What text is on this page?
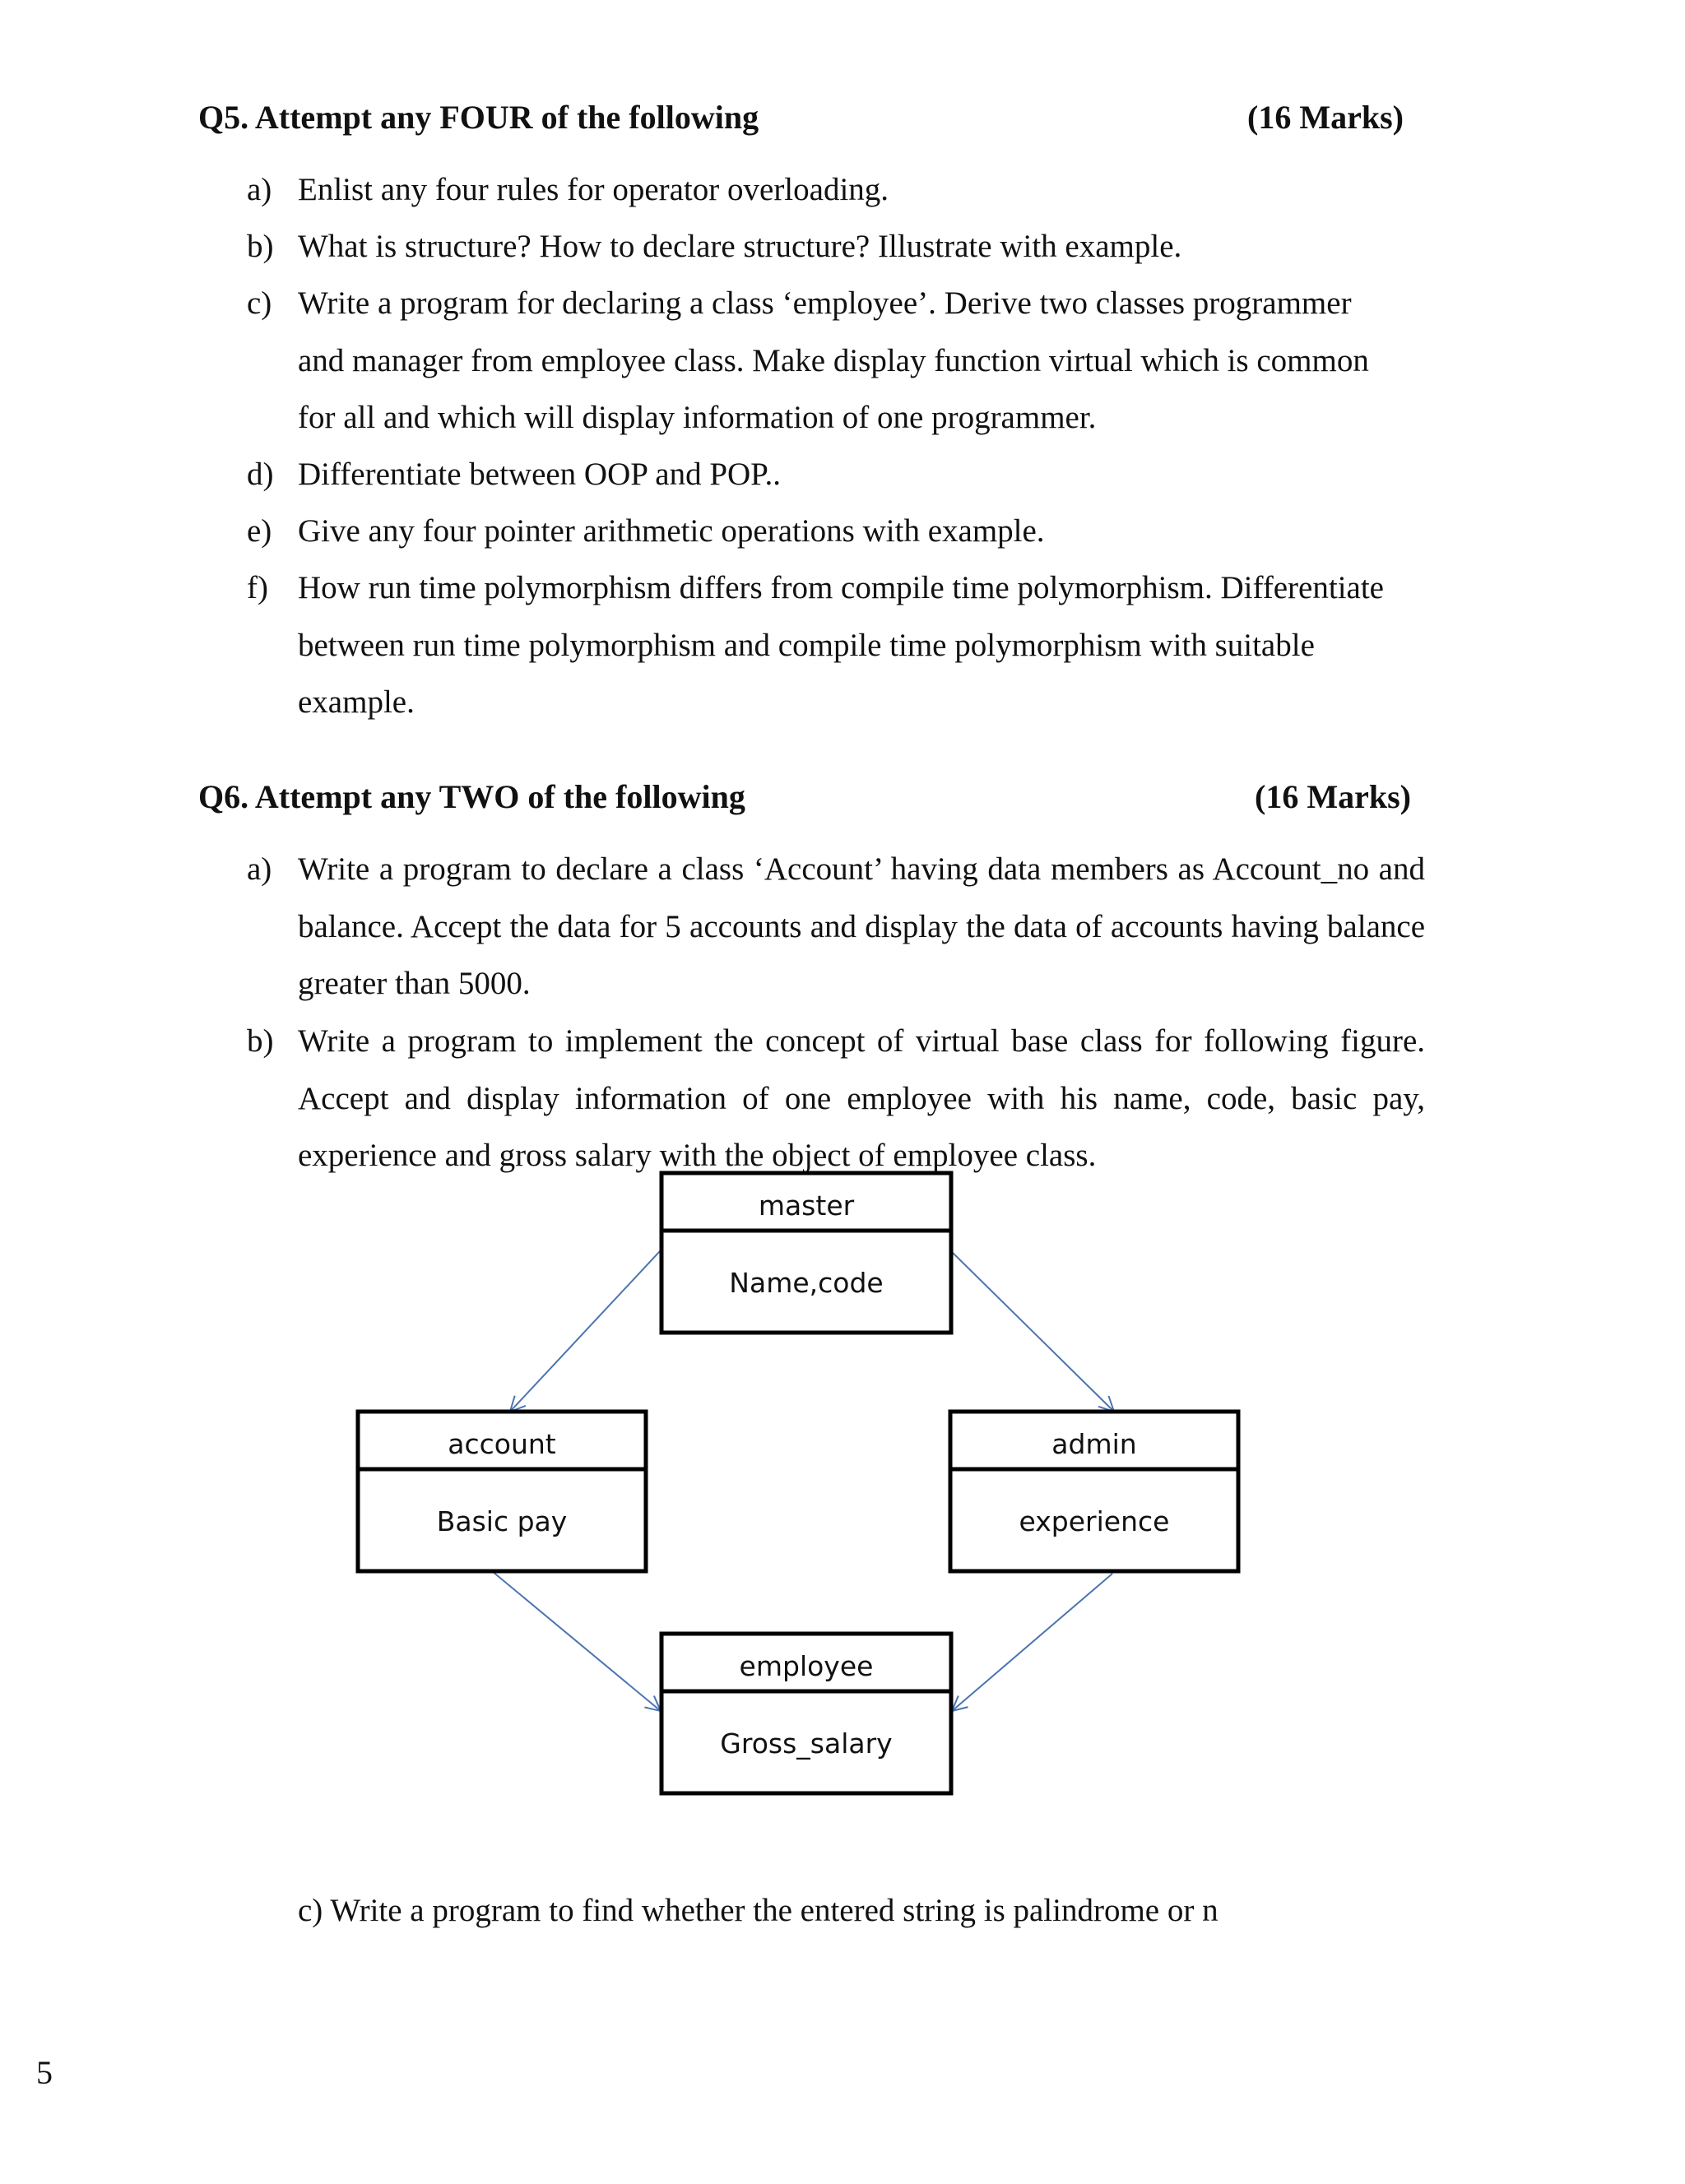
Q5. Attempt any FOUR of the following	(16 Marks)
a) Enlist any four rules for operator overloading.
b) What is structure? How to declare structure? Illustrate with example.
c) Write a program for declaring a class ‘employee’. Derive two classes programmer and manager from employee class. Make display function virtual which is common for all and which will display information of one programmer.
d) Differentiate between OOP and POP..
e) Give any four pointer arithmetic operations with example.
f) How run time polymorphism differs from compile time polymorphism. Differentiate between run time polymorphism and compile time polymorphism with suitable example.
Q6. Attempt any TWO of the following	(16 Marks)
a) Write a program to declare a class ‘Account’ having data members as Account_no and balance. Accept the data for 5 accounts and display the data of accounts having balance greater than 5000.
b) Write a program to implement the concept of virtual base class for following figure. Accept and display information of one employee with his name, code, basic pay, experience and gross salary with the object of employee class.
master
Name,code
account
Basic pay
admin
experience
employee
Gross_salary
c) Write a program to find whether the entered string is palindrome or n
5
